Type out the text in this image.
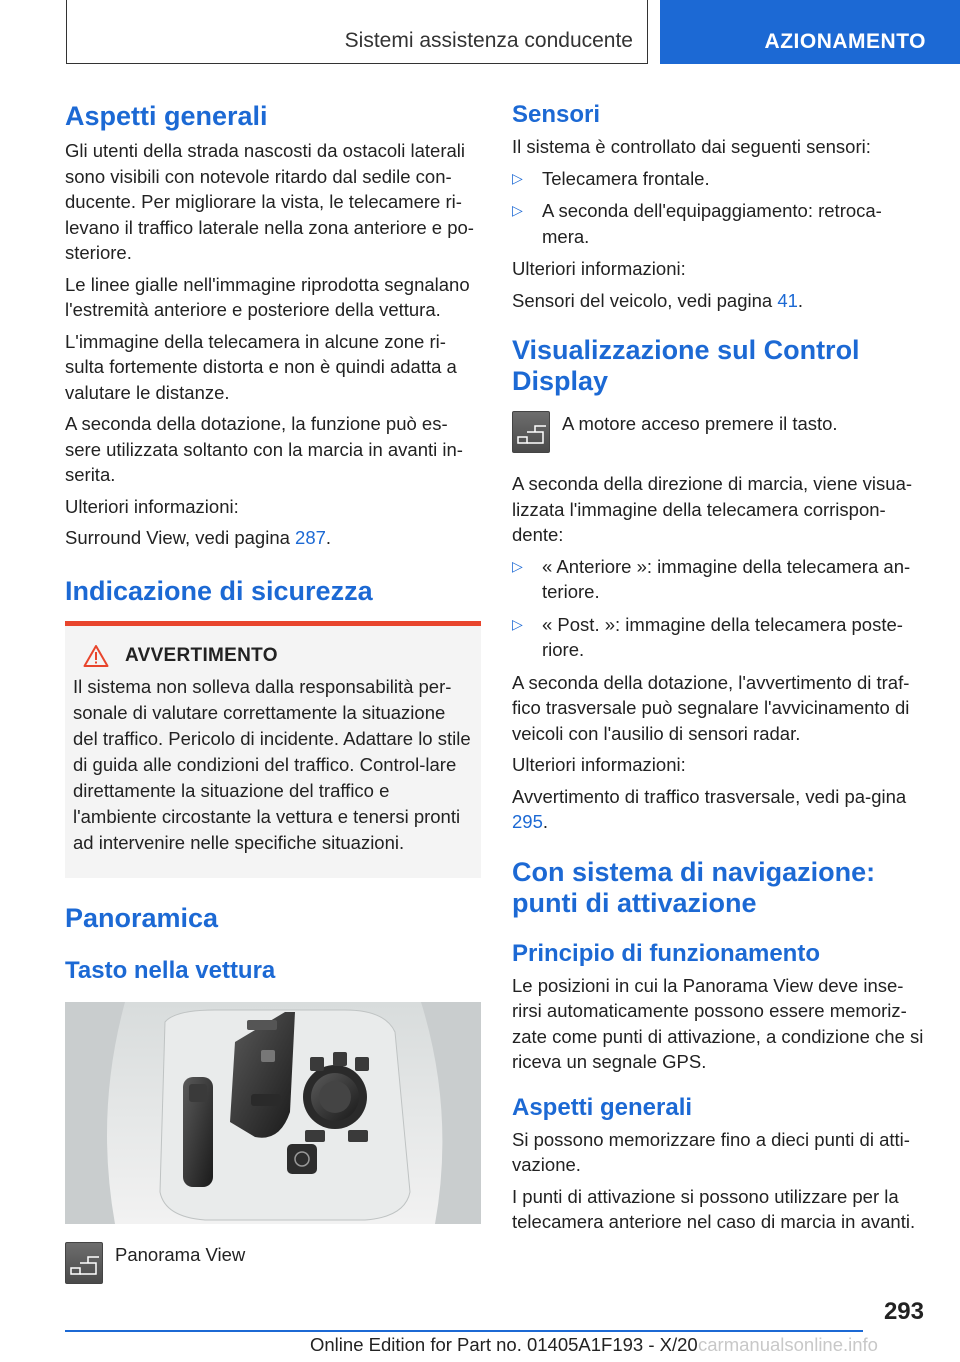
Sistemi assistenza conducente	AZIONAMENTO
Aspetti generali

Gli utenti della strada nascosti da ostacoli laterali sono visibili con notevole ritardo dal sedile con-ducente. Per migliorare la vista, le telecamere ri-levano il traffico laterale nella zona anteriore e po-steriore.

Le linee gialle nell'immagine riprodotta segnalano l'estremità anteriore e posteriore della vettura.

L'immagine della telecamera in alcune zone ri-sulta fortemente distorta e non è quindi adatta a valutare le distanze.

A seconda della dotazione, la funzione può es-sere utilizzata soltanto con la marcia in avanti in-serita.

Ulteriori informazioni:

Surround View, vedi pagina 287.

Indicazione di sicurezza
AVVERTIMENTO

Il sistema non solleva dalla responsabilità per-sonale di valutare correttamente la situazione del traffico. Pericolo di incidente. Adattare lo stile di guida alle condizioni del traffico. Control-lare direttamente la situazione del traffico e l'ambiente circostante la vettura e tenersi pronti ad intervenire nelle specifiche situazioni.

Panoramica
Tasto nella vettura
Panorama View
Sensori

Il sistema è controllato dai seguenti sensori:

▷ Telecamera frontale.
▷ A seconda dell'equipaggiamento: retroca-mera.

Ulteriori informazioni:

Sensori del veicolo, vedi pagina 41.

Visualizzazione sul Control Display
A motore acceso premere il tasto.

A seconda della direzione di marcia, viene visua-lizzata l'immagine della telecamera corrispon-dente:

▷ « Anteriore »: immagine della telecamera an-teriore.
▷ « Post. »: immagine della telecamera poste-riore.

A seconda della dotazione, l'avvertimento di traf-fico trasversale può segnalare l'avvicinamento di veicoli con l'ausilio di sensori radar.

Ulteriori informazioni:

Avvertimento di traffico trasversale, vedi pa-gina 295.

Con sistema di navigazione: punti di attivazione
Principio di funzionamento

Le posizioni in cui la Panorama View deve inse-rirsi automaticamente possono essere memoriz-zate come punti di attivazione, a condizione che si riceva un segnale GPS.

Aspetti generali

Si possono memorizzare fino a dieci punti di atti-vazione.

I punti di attivazione si possono utilizzare per la telecamera anteriore nel caso di marcia in avanti.

293
Online Edition for Part no. 01405A1F193 - X/20 carmanualsonline.info
